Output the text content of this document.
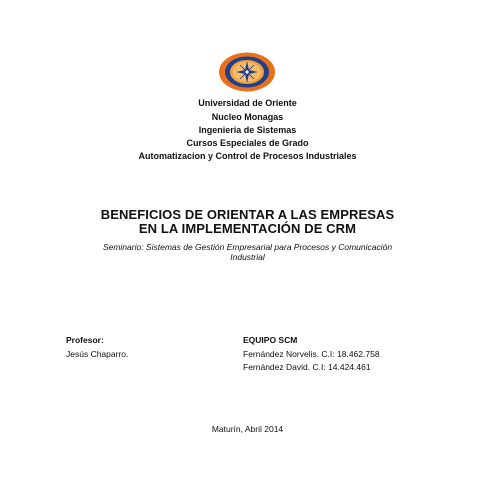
Universidad de Oriente
Nucleo Monagas
Ingenieria de Sistemas
Cursos Especiales de Grado
Automatizacion y Control de Procesos Industriales
BENEFICIOS DE ORIENTAR A LAS EMPRESAS
EN LA IMPLEMENTACIÓN DE CRM
Seminario: Sistemas de Gestión Empresarial para Procesos y Comunicación
Industrial
Profesor:
Jesús Chaparro.
EQUIPO SCM
Fernández Norvelis. C.I: 18.462.758
Fernández David. C.I: 14.424.461
Maturín, Abril 2014
